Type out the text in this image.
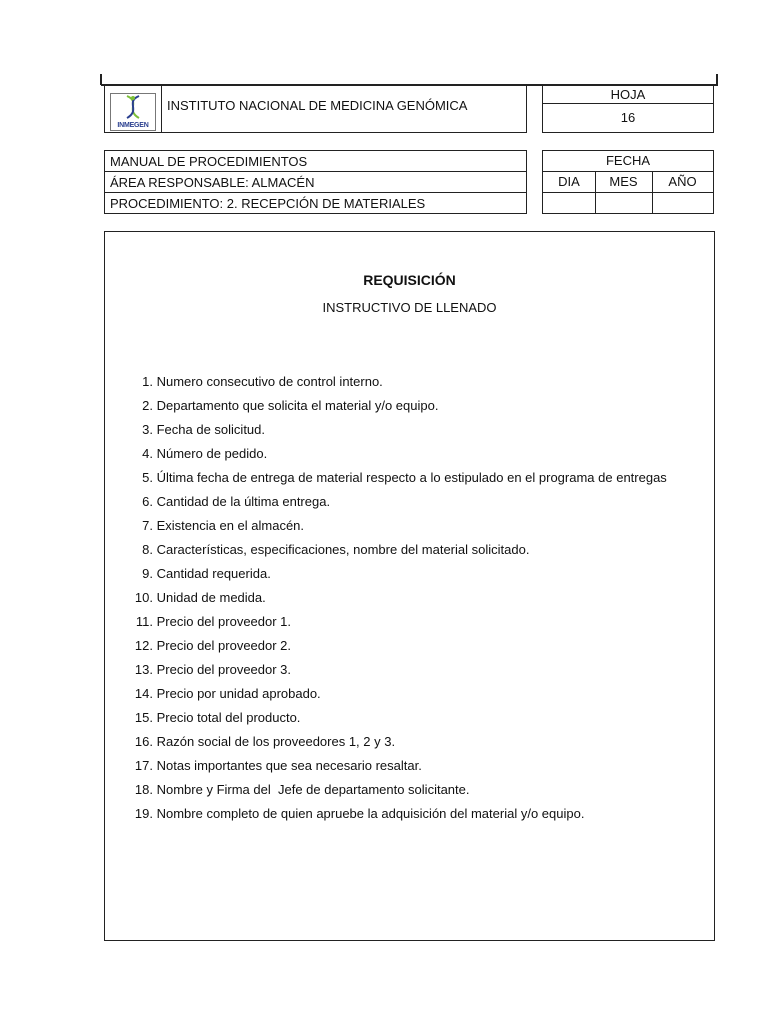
INMEGEN
INSTITUTO NACIONAL DE MEDICINA GENÓMICA
HOJA
16
MANUAL DE PROCEDIMIENTOS
ÁREA RESPONSABLE: ALMACÉN
PROCEDIMIENTO: 2. RECEPCIÓN DE MATERIALES
FECHA
DIA	MES	AÑO
REQUISICIÓN
INSTRUCTIVO DE LLENADO
1. Numero consecutivo de control interno.
2. Departamento que solicita el material y/o equipo.
3. Fecha de solicitud.
4. Número de pedido.
5. Última fecha de entrega de material respecto a lo estipulado en el programa de entregas
6. Cantidad de la última entrega.
7. Existencia en el almacén.
8. Características, especificaciones, nombre del material solicitado.
9. Cantidad requerida.
10. Unidad de medida.
11. Precio del proveedor 1.
12. Precio del proveedor 2.
13. Precio del proveedor 3.
14. Precio por unidad aprobado.
15. Precio total del producto.
16. Razón social de los proveedores 1, 2 y 3.
17. Notas importantes que sea necesario resaltar.
18. Nombre y Firma del  Jefe de departamento solicitante.
19. Nombre completo de quien apruebe la adquisición del material y/o equipo.
